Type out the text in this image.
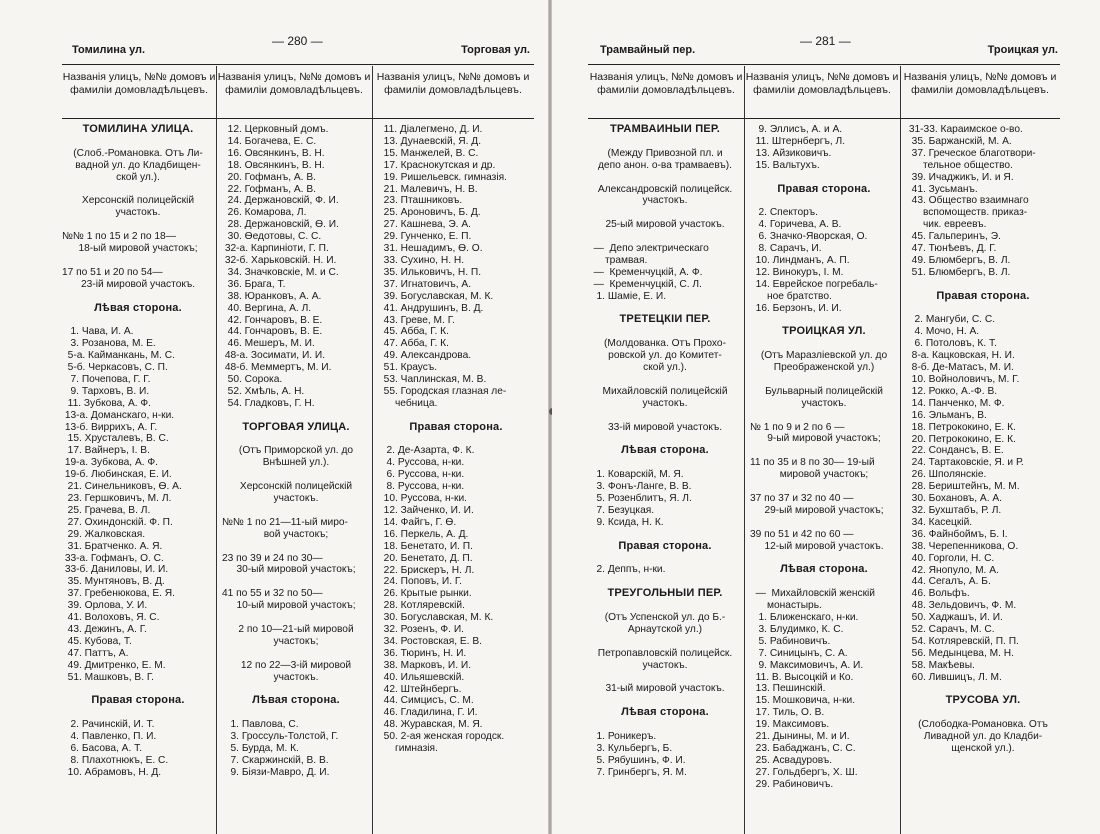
Томилина ул.
— 280 —
Торговая ул.
Названія улицъ, №№ домовъ и фамиліи домовладѣльцевъ.
Названія улицъ, №№ домовъ и фамиліи домовладѣльцевъ.
Названія улицъ, №№ домовъ и фамиліи домовладѣльцевъ.
ТОМИЛИНА УЛИЦА.
(Слоб.-Романовка. Отъ Ли-
вадной ул. до Кладбищен-
ской ул.).
Херсонскій полицейскій
участокъ.
№№ 1 по 15 и 2 по 18—
18-ый мировой участокъ;
17 по 51 и 20 по 54—
23-ій мировой участокъ.
Лѣвая сторона.
1. Чава, И. А.
3. Розанова, М. Е.
5-а. Кайманкань, М. С.
5-б. Черкасовъ, С. П.
7. Почепова, Г. Г.
9. Тарховъ, В. И.
11. Зубкова, А. Ф.
13-а. Доманскаго, н-ки.
13-б. Виррихъ, А. Г.
15. Хрусталевъ, В. С.
17. Вайнеръ, І. В.
19-а. Зубкова, А. Ф.
19-б. Любинская, Е. И.
21. Синельниковъ, Ѳ. А.
23. Гершковичъ, М. Л.
25. Грачева, В. Л.
27. Охиндонскій. Ф. П.
29. Жалковская.
31. Братченко. А. Я.
33-а. Гофманъ, О. С.
33-б. Даниловы, И. И.
35. Мунтяновъ, В. Д.
37. Гребенюкова, Е. Я.
39. Орлова, У. И.
41. Волоховъ, Я. С.
43. Дежинъ, А. Г.
45. Кубова, Т.
47. Паттъ, А.
49. Дмитренко, Е. М.
51. Машковъ, В. Г.
Правая сторона.
2. Рачинскій, И. Т.
4. Павленко, П. И.
6. Басова, А. Т.
8. Плахотнюкъ, Е. С.
10. Абрамовъ, Н. Д.
12. Церковный домъ.
14. Богачева, Е. С.
16. Овсянкинъ, В. Н.
18. Овсянкинъ, В. Н.
20. Гофманъ, А. В.
22. Гофманъ, А. В.
24. Держановскій, Ф. И.
26. Комарова, Л.
28. Держановскій, Ѳ. И.
30. Ѳедотовы, С. С.
32-а. Карпиніоти, Г. П.
32-б. Харьковскій. Н. И.
34. Значковскіе, М. и С.
36. Брага, Т.
38. Юранковъ, А. А.
40. Вергина, А. Л.
42. Гончаровъ, В. Е.
44. Гончаровъ, В. Е.
46. Мешеръ, М. И.
48-а. Зосимати, И. И.
48-б. Меммертъ, М. И.
50. Сорока.
52. Хмѣль, А. Н.
54. Гладковъ, Г. Н.
ТОРГОВАЯ УЛИЦА.
(Отъ Приморской ул. до
Внѣшней ул.).
Херсонскій полицейскій
участокъ.
№№ 1 по 21—11-ый миро-
вой участокъ;
23 по 39 и 24 по 30—
30-ый мировой участокъ;
41 по 55 и 32 по 50—
10-ый мировой участокъ;
2 по 10—21-ый мировой
участокъ;
12 по 22—3-ій мировой
участокъ.
Лѣвая сторона.
1. Павлова, С.
3. Гроссуль-Толстой, Г.
5. Бурда, М. К.
7. Скаржинскій, В. В.
9. Бiязи-Мавро, Д. И.
11. Діалегмено, Д. И.
13. Дунаевскій, Я. Д.
15. Манжелей, В. С.
17. Краснокутская и др.
19. Ришельевск. гимназія.
21. Малевичъ, Н. В.
23. Пташниковъ.
25. Ароновичъ, Б. Д.
27. Кашнева, Э. А.
29. Гунченко, Е. П.
31. Нешадимъ, Ѳ. О.
33. Сухино, Н. Н.
35. Ильковичъ, Н. П.
37. Игнатовичъ, А.
39. Богуславская, М. К.
41. Андрушинъ, В. Д.
43. Греве, М. Г.
45. Абба, Г. К.
47. Абба, Г. К.
49. Александрова.
51. Краусъ.
53. Чаплинская, М. В.
55. Городская глазная ле-
чебница.
Правая сторона.
2. Де-Азарта, Ф. К.
4. Руссова, н-ки.
6. Руссова, н-ки.
8. Руссова, н-ки.
10. Руссова, н-ки.
12. Зайченко, И. И.
14. Файгъ, Г. Ѳ.
16. Перкель, А. Д.
18. Бенетато, И. П.
20. Бенетато, Д. П.
22. Брискеръ, Н. Л.
24. Поповъ, И. Г.
26. Крытые рынки.
28. Котляревскій.
30. Богуславская, М. К.
32. Розенъ, Ф. И.
34. Ростовская, Е. В.
36. Тюринъ, Н. И.
38. Марковъ, И. И.
40. Ильяшевскій.
42. Штейнбергъ.
44. Симцисъ, С. М.
46. Гладилина, Г. И.
48. Журавская, М. Я.
50. 2-ая женская городск.
гимназія.
Трамвайный пер.
— 281 —
Троицкая ул.
Названія улицъ, №№ домовъ и фамиліи домовладѣльцевъ.
Названія улицъ, №№ домовъ и фамиліи домовладѣльцевъ.
Названія улицъ, №№ домовъ и фамиліи домовладѣльцевъ.
ТРАМВАЙНЫЙ ПЕР.
(Между Привозной пл. и
депо анон. о-ва трамваевъ).
Александровскій полицейск.
участокъ.
25-ый мировой участокъ.
—  Депо электрическаго
трамвая.
—  Кременчуцкій, А. Ф.
—  Кременчуцкій, С. Л.
1. Шаміе, Е. И.
ТРЕТЕЦКІЙ ПЕР.
(Молдованка. Отъ Прохо-
ровской ул. до Комитет-
ской ул.).
Михайловскій полицейскій
участокъ.
33-ій мировой участокъ.
Лѣвая сторона.
1. Коварскій, М. Я.
3. Фонъ-Ланге, В. В.
5. Розенблитъ, Я. Л.
7. Безуцкая.
9. Ксида, Н. К.
Правая сторона.
2. Деппъ, н-ки.
ТРЕУГОЛЬНЫЙ ПЕР.
(Отъ Успенской ул. до Б.-
Арнаутской ул.)
Петропавловскій полицейск.
участокъ.
31-ый мировой участокъ.
Лѣвая сторона.
1. Роникеръ.
3. Кульбергъ, Б.
5. Рябушинъ, Ф. И.
7. Гринбергъ, Я. М.
9. Эллисъ, А. и А.
11. Штернбергъ, Л.
13. Айзиковичъ.
15. Вальтухъ.
Правая сторона.
2. Спекторъ.
4. Горичева, А. В.
6. Значко-Яворская, О.
8. Сарачъ, И.
10. Линдманъ, А. П.
12. Винокуръ, І. М.
14. Еврейское погребаль-
ное братство.
16. Берзонъ, И. И.
ТРОИЦКАЯ УЛ.
(Отъ Маразліевской ул. до
Преображенской ул.)
Бульварный полицейскій
участокъ.
№ 1 по 9 и 2 по 6 —
9-ый мировой участокъ;
11 по 35 и 8 по 30— 19-ый
мировой участокъ;
37 по 37 и 32 по 40 —
29-ый мировой участокъ;
39 по 51 и 42 по 60 —
12-ый мировой участокъ.
Лѣвая сторона.
—  Михайловскій женскій
монастырь.
1. Ближенскаго, н-ки.
3. Блудимко, К. С.
5. Рабиновичъ.
7. Синицынъ, С. А.
9. Максимовичъ, А. И.
11. В. Высоцкій и Ко.
13. Пешинскій.
15. Мошковича, н-ки.
17. Тиль, О. В.
19. Максимовъ.
21. Дынины, М. и И.
23. Бабаджанъ, С. С.
25. Асвадуровъ.
27. Гольдбергъ, Х. Ш.
29. Рабиновичъ.
31-33. Караимское о-во.
35. Баржанскій, М. А.
37. Греческое благотвори-
тельное общество.
39. Ичаджикъ, И. и Я.
41. Зусьманъ.
43. Общество взаимнаго
вспомоществ. приказ-
чик. евреевъ.
45. Гальперинъ, Э.
47. Тюнѣевъ, Д. Г.
49. Блюмбергъ, В. Л.
51. Блюмбергъ, В. Л.
Правая сторона.
2. Мангуби, С. С.
4. Мочо, Н. А.
6. Потоловъ, К. Т.
8-а. Кацковская, Н. И.
8-б. Де-Матасъ, М. И.
10. Войноловичъ, М. Г.
12. Рокко, А.-Ф. В.
14. Панченко, М. Ф.
16. Эльманъ, В.
18. Петрококино, Е. К.
20. Петрококино, Е. К.
22. Сондансъ, В. Е.
24. Тартаковскіе, Я. и Р.
26. Шполянскіе.
28. Бериштейнъ, М. М.
30. Бохановъ, А. А.
32. Бухштабъ, Р. Л.
34. Касецкій.
36. Файнбоймъ, Б. І.
38. Черепенникова, О.
40. Горголи, Н. С.
42. Янопуло, М. А.
44. Сегалъ, А. Б.
46. Вольфъ.
48. Зельдовичъ, Ф. М.
50. Хаджашъ, И. И.
52. Сарачъ, М. С.
54. Котляревскій, П. П.
56. Медынцева, М. Н.
58. Макѣевы.
60. Лившицъ, Л. М.
ТРУСОВА УЛ.
(Слободка-Романовка. Отъ
Ливадной ул. до Кладби-
щенской ул.).
